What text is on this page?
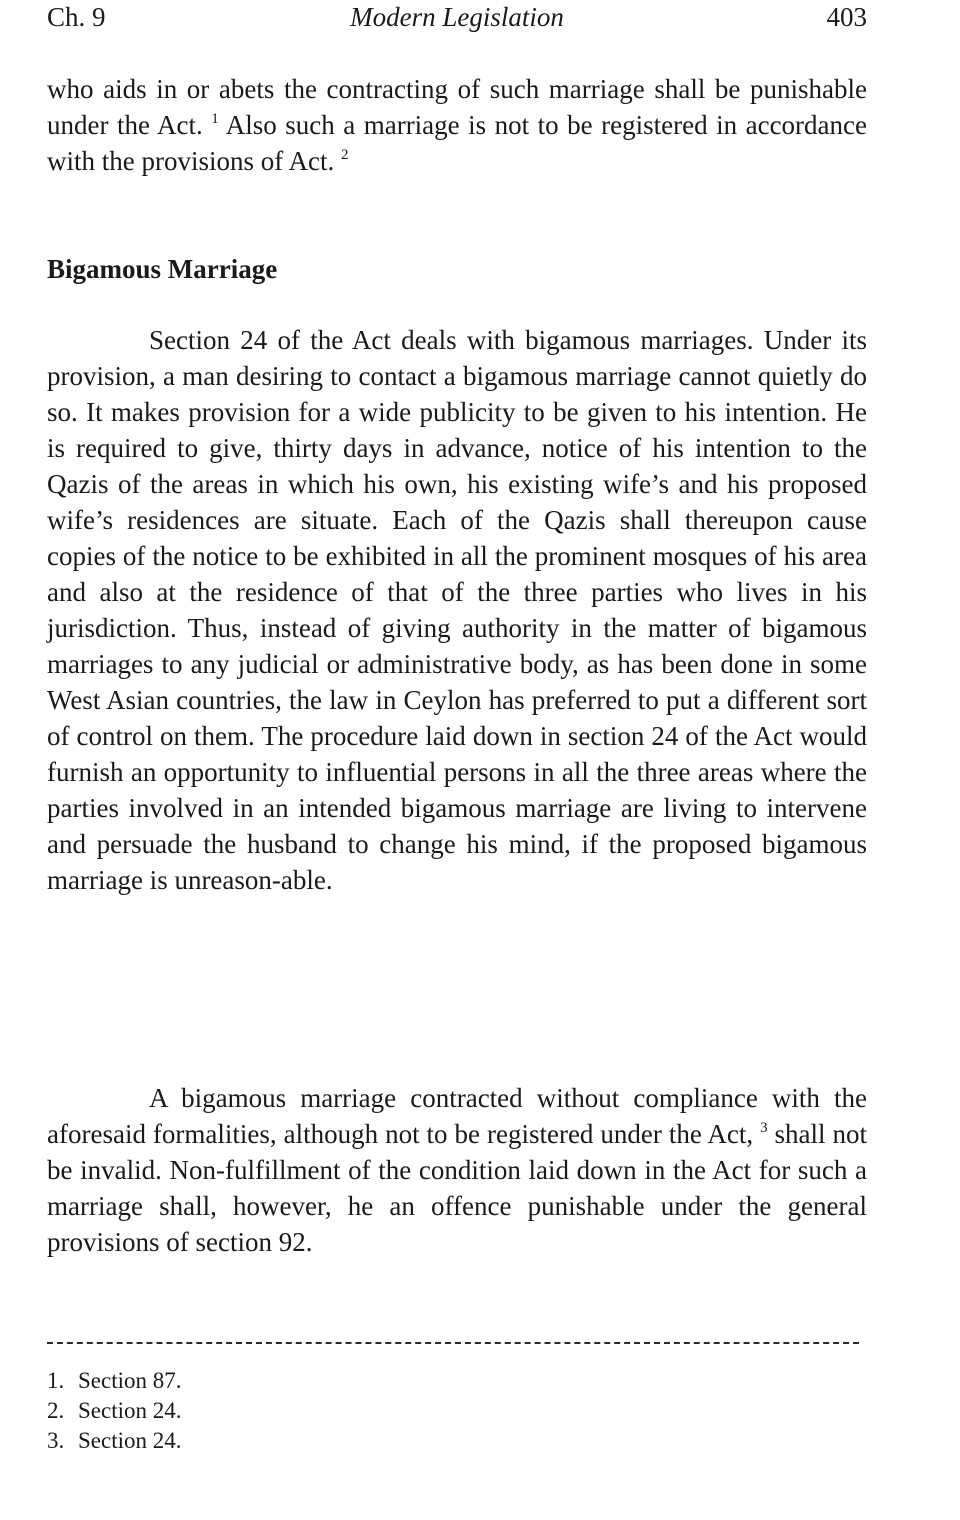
Ch. 9	Modern Legislation	403

who aids in or abets the contracting of such marriage shall be punishable under the Act. $^1$ Also such a marriage is not to be registered in accordance with the provisions of Act. $^2$

Bigamous Marriage

Section 24 of the Act deals with bigamous marriages. Under its provision, a man desiring to contact a bigamous marriage cannot quietly do so. It makes provision for a wide publicity to be given to his intention. He is required to give, thirty days in advance, notice of his intention to the Qazis of the areas in which his own, his existing wife’s and his proposed wife’s residences are situate. Each of the Qazis shall thereupon cause copies of the notice to be exhibited in all the prominent mosques of his area and also at the residence of that of the three parties who lives in his jurisdiction. Thus, instead of giving authority in the matter of bigamous marriages to any judicial or administrative body, as has been done in some West Asian countries, the law in Ceylon has preferred to put a different sort of control on them. The procedure laid down in section 24 of the Act would furnish an opportunity to influential persons in all the three areas where the parties involved in an intended bigamous marriage are living to intervene and persuade the husband to change his mind, if the proposed bigamous marriage is unreason-able.

A bigamous marriage contracted without compliance with the aforesaid formalities, although not to be registered under the Act, $^3$ shall not be invalid. Non-fulfillment of the condition laid down in the Act for such a marriage shall, however, he an offence punishable under the general provisions of section 92.

1. Section 87.
2. Section 24.
3. Section 24.
